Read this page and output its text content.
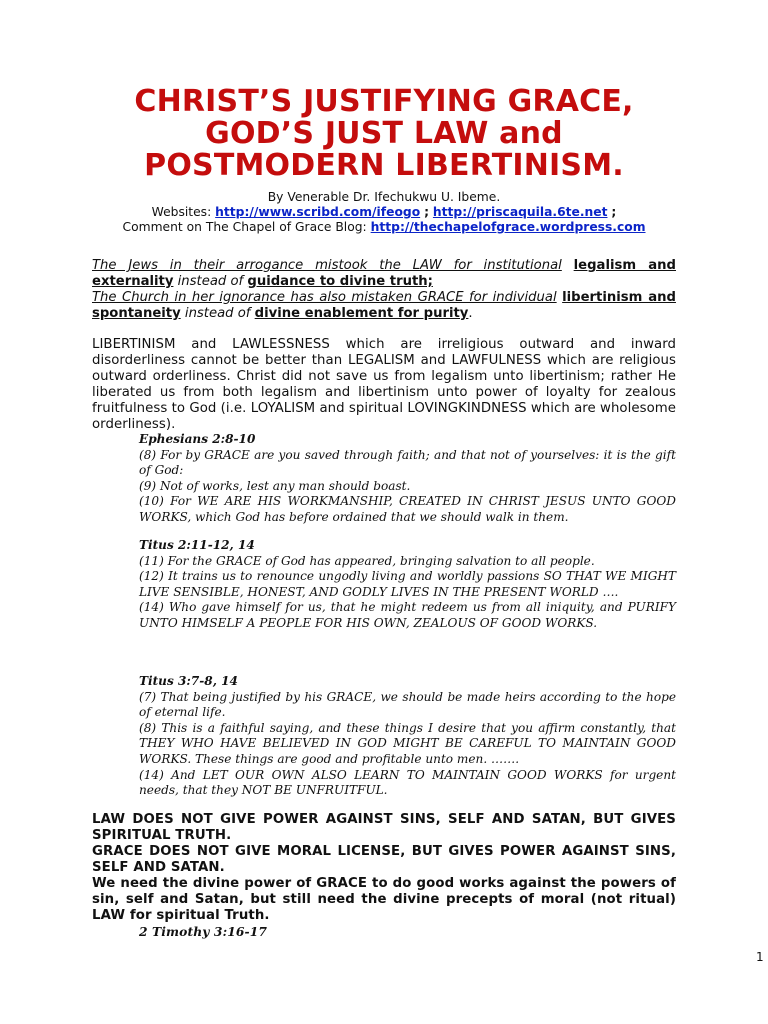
CHRIST’S JUSTIFYING GRACE,
GOD’S JUST LAW and
POSTMODERN LIBERTINISM.
By Venerable Dr. Ifechukwu U. Ibeme.
Websites: http://www.scribd.com/ifeogo ; http://priscaquila.6te.net ;
Comment on The Chapel of Grace Blog: http://thechapelofgrace.wordpress.com

The Jews in their arrogance mistook the LAW for institutional legalism and externality instead of guidance to divine truth;

The Church in her ignorance has also mistaken GRACE for individual libertinism and spontaneity instead of divine enablement for purity.

LIBERTINISM and LAWLESSNESS which are irreligious outward and inward disorderliness cannot be better than LEGALISM and LAWFULNESS which are religious outward orderliness. Christ did not save us from legalism unto libertinism; rather He liberated us from both legalism and libertinism unto power of loyalty for zealous fruitfulness to God (i.e. LOYALISM and spiritual LOVINGKINDNESS which are wholesome orderliness).
Ephesians 2:8-10
(8) For by GRACE are you saved through faith; and that not of yourselves: it is the gift of God:
(9) Not of works, lest any man should boast.
(10) For WE ARE HIS WORKMANSHIP, CREATED IN CHRIST JESUS UNTO GOOD WORKS, which God has before ordained that we should walk in them.
Titus 2:11-12, 14
(11) For the GRACE of God has appeared, bringing salvation to all people.
(12) It trains us to renounce ungodly living and worldly passions SO THAT WE MIGHT LIVE SENSIBLE, HONEST, AND GODLY LIVES IN THE PRESENT WORLD ….
(14) Who gave himself for us, that he might redeem us from all iniquity, and PURIFY UNTO HIMSELF A PEOPLE FOR HIS OWN, ZEALOUS OF GOOD WORKS.
Titus 3:7-8, 14
(7) That being justified by his GRACE, we should be made heirs according to the hope of eternal life.
(8) This is a faithful saying, and these things I desire that you affirm constantly, that THEY WHO HAVE BELIEVED IN GOD MIGHT BE CAREFUL TO MAINTAIN GOOD WORKS. These things are good and profitable unto men. …….
(14) And LET OUR OWN ALSO LEARN TO MAINTAIN GOOD WORKS for urgent needs, that they NOT BE UNFRUITFUL.

LAW DOES NOT GIVE POWER AGAINST SINS, SELF AND SATAN, BUT GIVES SPIRITUAL TRUTH.

GRACE DOES NOT GIVE MORAL LICENSE, BUT GIVES POWER AGAINST SINS, SELF AND SATAN.

We need the divine power of GRACE to do good works against the powers of sin, self and Satan, but still need the divine precepts of moral (not ritual) LAW for spiritual Truth.

2 Timothy 3:16-17

1
